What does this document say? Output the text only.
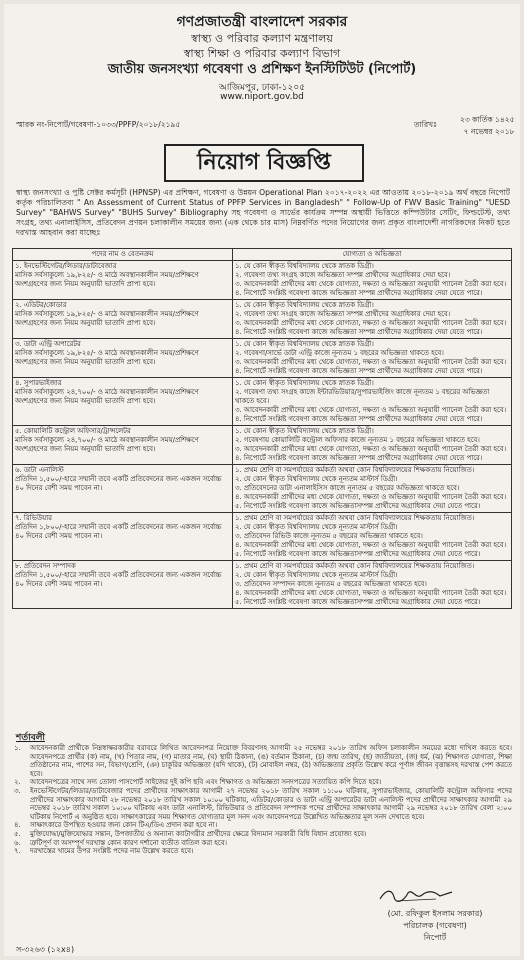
গণপ্রজাতন্ত্রী বাংলাদেশ সরকার
স্বাস্থ্য ও পরিবার কল্যাণ মন্ত্রণালয়
স্বাস্থ্য শিক্ষা ও পরিবার কল্যাণ বিভাগ
জাতীয় জনসংখ্যা গবেষণা ও প্রশিক্ষণ ইনস্টিটিউট (নিপোর্ট)
আজিমপুর, ঢাকা-১২০৫
www.niport.gov.bd
স্মারক নং-নিপোর্ট/গবেষণা-১০৩৩/PPFP/২০১৮/২১৯৫	তারিখঃ
২৩ কার্তিক ১৪২৫
৭ নভেম্বর ২০১৮
নিয়োগ বিজ্ঞপ্তি
স্বাস্থ্য জনসংখ্যা ও পুষ্টি সেক্টর কর্মসূচী (HPNSP) এর প্রশিক্ষণ, গবেষণা ও উন্নয়ন Operational Plan ২০১৭-২০২২ এর আওতায় ২০১৮-২০১৯ অর্থ বছরে নিপোর্ট কর্তৃক পরিচালিতব্য " An Assessment of Current Status of PPFP Services in Bangladesh" " Follow-Up of FWV Basic Training" "UESD Survey" "BAHWS Survey" "BUHS Survey" Bibliography সহ গবেষণা ও সার্ভের কার্যক্রম সম্পন্ন অস্থায়ী ভিত্তিতে কম্পিউটার সেটিং, ফিল্ডটেস্ট, তথ্য সংগ্রহ, তথ্য এনালাইসিস, প্রতিবেদন প্রণয়ন চলাকালীন সময়ের জন্য (এক থেকে চার মাস) নিম্নবর্ণিত পদের নিয়োগের জন্য প্রকৃত বাংলাদেশী নাগরিকদের নিকট হতে দরখাস্ত আহবান করা যাচ্ছেঃ
পদের নাম ও বেতনক্রম	যোগ্যতা ও অভিজ্ঞতা

১. ইনভেস্টিগেটর/লিডার/ডাটাবেজার
মাসিক সর্বসাকুল্যে ১৯,৮২৫/- ও মাঠে অবস্থানকালীন সময়/প্রশিক্ষণে অংশগ্রহণের জন্য নিয়ম অনুযায়ী ভাতাদি প্রাপ্য হবে।	১. যে কোন স্বীকৃত বিশ্ববিদ্যালয় থেকে স্নাতক ডিগ্রী।
২. গবেষণা তথ্য সংগ্রহ কাজে অভিজ্ঞতা সম্পন্ন প্রার্থীদের অগ্রাধিকার দেয়া হবে।
৩. আবেদনকারী প্রার্থীদের মধ্য থেকে যোগ্যতা, দক্ষতা ও অভিজ্ঞতা অনুযায়ী প্যানেল তৈরী করা হবে।
৪. নিপোর্টে সংশ্লিষ্ট গবেষণা কাজে অভিজ্ঞতা সম্পন্ন প্রার্থীদের অগ্রাধিকার দেয়া যেতে পারে।

২. এডিটর/কোডার
মাসিক সর্বসাকুল্যে ১৯,৮২৫/- ও মাঠে অবস্থানকালীন সময়/প্রশিক্ষণে অংশগ্রহণের জন্য নিয়ম অনুযায়ী ভাতাদি প্রাপ্য হবে।	১. যে কোন স্বীকৃত বিশ্ববিদ্যালয় থেকে স্নাতক ডিগ্রী।
২. গবেষণা তথ্য সংগ্রহ কাজে অভিজ্ঞতা সম্পন্ন প্রার্থীদের অগ্রাধিকার দেয়া হবে।
৩. আবেদনকারী প্রার্থীদের মধ্য থেকে যোগ্যতা, দক্ষতা ও অভিজ্ঞতা অনুযায়ী প্যানেল তৈরী করা হবে।
৪. নিপোর্টে সংশ্লিষ্ট গবেষণা কাজে অভিজ্ঞতা সম্পন্ন প্রার্থীদের অগ্রাধিকার দেয়া যেতে পারে।

৩. ডাটা এন্ট্রি অপারেটর
মাসিক সর্বসাকুল্যে ১৯,৮২৫/- ও মাঠে অবস্থানকালীন সময়/প্রশিক্ষণে অংশগ্রহণের জন্য নিয়ম অনুযায়ী ভাতাদি প্রাপ্য হবে।	১. যে কোন স্বীকৃত বিশ্ববিদ্যালয় থেকে স্নাতক ডিগ্রী।
২. গবেষণা/সার্ভে ডাটা এন্ট্রি কাজে নূন্যতম ১ বছরের অভিজ্ঞতা থাকতে হবে।
৩. আবেদনকারী প্রার্থীদের মধ্য থেকে যোগ্যতা, দক্ষতা ও অভিজ্ঞতা অনুযায়ী প্যানেল তৈরী করা হবে।
৪. নিপোর্টে সংশ্লিষ্ট গবেষণা কাজে অভিজ্ঞতা সম্পন্ন প্রার্থীদের অগ্রাধিকার দেয়া যেতে পারে।

৪. সুপারভাইজার
মাসিক সর্বসাকুল্যে ২৪,৭০০/- ও মাঠে অবস্থানকালীন সময়/প্রশিক্ষণে অংশগ্রহণের জন্য নিয়ম অনুযায়ী ভাতাদি প্রাপ্য হবে।	১. যে কোন স্বীকৃত বিশ্ববিদ্যালয় থেকে স্নাতক ডিগ্রী।
২. গবেষণা তথ্য সংগ্রহ কাজে ইন্টারভিউয়ার/সুপারভাইজিং কাজে নূন্যতম ১ বছরের অভিজ্ঞতা থাকতে হবে।
৩. আবেদনকারী প্রার্থীদের মধ্য থেকে যোগ্যতা, দক্ষতা ও অভিজ্ঞতা অনুযায়ী প্যানেল তৈরী করা হবে।
৪. নিপোর্টে সংশ্লিষ্ট গবেষণা কাজে অভিজ্ঞতা সম্পন্ন প্রার্থীদের অগ্রাধিকার দেয়া যেতে পারে।

৫. কোয়ালিটি কন্ট্রোল অফিসার/ট্রান্সলেটর
মাসিক সর্বসাকুল্যে ২৪,৭০০/- ও মাঠে অবস্থানকালীন সময়/প্রশিক্ষণে অংশগ্রহণের জন্য নিয়ম অনুযায়ী ভাতাদি প্রাপ্য হবে।	১. যে কোন স্বীকৃত বিশ্ববিদ্যালয় থেকে স্নাতক ডিগ্রী।
২. গবেষণায় কোয়ালিটি কন্ট্রোল অফিসার কাজে নূন্যতম ১ বছরের অভিজ্ঞতা থাকতে হবে।
৩. আবেদনকারী প্রার্থীদের মধ্য থেকে যোগ্যতা, দক্ষতা ও অভিজ্ঞতা অনুযায়ী প্যানেল তৈরী করা হবে।
৪. নিপোর্টে সংশ্লিষ্ট গবেষণা কাজে অভিজ্ঞতা সম্পন্ন প্রার্থীদের অগ্রাধিকার দেয়া যেতে পারে।

৬. ডাটা এনালিস্ট
প্রতিদিন ১,৫০০/-হারে সম্মানী তবে একটি প্রতিবেদনের জন্য একজন সর্বোচ্চ ৪০ দিনের বেশী সময় পাবেন না।	১. প্রথম শ্রেণি বা সমপর্যায়ের কর্মকর্তা অথবা কোন বিশ্ববিদ্যালয়ের শিক্ষকতায় নিয়োজিত।
২. যে কোন স্বীকৃত বিশ্ববিদ্যালয় থেকে নূন্যতম মাস্টার্স ডিগ্রী।
৩. প্রতিবেদনের ডাটা এনালাইসিস কাজে নূন্যতম ৫ বছরের অভিজ্ঞতা থাকতে হবে।
৪. আবেদনকারী প্রার্থীদের মধ্য থেকে যোগ্যতা, দক্ষতা ও অভিজ্ঞতা অনুযায়ী প্যানেল তৈরী করা হবে।
৫. নিপোর্টে সংশ্লিষ্ট গবেষণা কাজে অভিজ্ঞতাসম্পন্ন প্রার্থীদের অগ্রাধিকার দেয়া যেতে পারে।

৭. রিভিউয়ার
প্রতিদিন ১,৮০০/-হারে সম্মানী তবে একটি প্রতিবেদনের জন্য একজন সর্বোচ্চ ৪০ দিনের বেশী সময় পাবেন না।	১. প্রথম শ্রেণি বা সমপর্যায়ের কর্মকর্তা অথবা কোন বিশ্ববিদ্যালয়ের শিক্ষকতায় নিয়োজিত।
২. যে কোন স্বীকৃত বিশ্ববিদ্যালয় থেকে নূন্যতম মাস্টার্স ডিগ্রী।
৩. প্রতিবেদন রিভিউ কাজে নূন্যতম ৫ বছরের অভিজ্ঞতা থাকতে হবে।
৪. আবেদনকারী প্রার্থীদের মধ্য থেকে যোগ্যতা, দক্ষতা ও অভিজ্ঞতা অনুযায়ী প্যানেল তৈরী করা হবে।
৫. নিপোর্টে সংশ্লিষ্ট গবেষণা কাজে অভিজ্ঞতাসম্পন্ন প্রার্থীদের অগ্রাধিকার দেয়া যেতে পারে।

৮. প্রতিবেদন সম্পাদক
প্রতিদিন ১,৫০০/-হারে সম্মানী তবে একটি প্রতিবেদনের জন্য একজন সর্বোচ্চ ৪০ দিনের বেশী সময় পাবেন না।	১. প্রথম শ্রেণি বা সমপর্যায়ের কর্মকর্তা অথবা কোন বিশ্ববিদ্যালয়ের শিক্ষকতায় নিয়োজিত।
২. যে কোন স্বীকৃত বিশ্ববিদ্যালয় থেকে নূন্যতম মাস্টার্স ডিগ্রী।
৩. প্রতিবেদন সম্পাদন কাজে নূন্যতম ৫ বছরের অভিজ্ঞতা থাকতে হবে।
৪. আবেদনকারী প্রার্থীদের মধ্য থেকে যোগ্যতা, দক্ষতা ও অভিজ্ঞতা অনুযায়ী প্যানেল তৈরী করা হবে।
৫. নিপোর্টে সংশ্লিষ্ট গবেষণা কাজে অভিজ্ঞতাসম্পন্ন প্রার্থীদের অগ্রাধিকার দেয়া যেতে পারে।
শর্তাবলী
১.	আবেদনকারী প্রার্থীকে নিম্নস্বাক্ষরকারীর বরাবরে লিখিত আবেদনপত্র নিয়োক্ত বিবরণসহ আগামী ২৫ নভেম্বর ২০১৮ তারিখ অফিস চলাকালীন সময়ের মধ্যে দাখিল করতে হবে। আবেদনপত্রে প্রার্থীর (ক) নাম, (খ) পিতার নাম, (গ) মাতার নাম, (ঘ) স্থায়ী ঠিকানা, (ঙ) বর্তমান ঠিকানা, (চ) জন্ম তারিখ, (ছ) জাতীয়তা, (জ) ধর্ম, (ঝ) শিক্ষাগত যোগ্যতা, শিক্ষা প্রতিষ্ঠানের নাম, পাশের সন, বিভাগ/শ্রেণি, (ঞ) চাকুরির অভিজ্ঞতা (যদি থাকে), (ট) মোবাইল নম্বর, (ঠ) অভিজ্ঞতার প্রকৃতি উল্লেখ করে পূর্ণাঙ্গ জীবন বৃত্তান্তসহ দরখাস্ত পেশ করতে হবে।
২.	আবেদনপত্রের সাথে সদ্য তোলা পাসপোর্ট সাইজের দুই কপি ছবি এবং শিক্ষাগত ও অভিজ্ঞতা সনদপত্রের সত্যায়িত কপি দিতে হবে।
৩.	ইনভেস্টিগেটর/লিডার/ডাটাবেজার পদের প্রার্থীদের সাক্ষাৎকার আগামী ২৭ নভেম্বর ২০১৮ তারিখ সকাল ১১:০০ ঘটিকায়, সুপারভাইজার, কোয়ালিটি কন্ট্রোল অফিসার পদের প্রার্থীদের সাক্ষাৎকার আগামী ২৮ নভেম্বর ২০১৮ তারিখ সকাল ১০:০০ ঘটিকায়, এডিটর/কোডার ও ডাটা এন্ট্রি অপারেটর ডাটা এনালিস্ট পদের প্রার্থীদের সাক্ষাৎকার আগামী ২৯ নভেম্বর ২০১৮ তারিখ সকাল ১০:০০ ঘটিকায় এবং ডাটা এনালিস্ট, রিভিউয়ার ও প্রতিবেদন সম্পাদক পদের প্রার্থীদের সাক্ষাৎকার আগামী ২৯ নভেম্বর ২০১৮ তারিখ বেলা ২:০০ ঘটিকায় নিপোর্ট এ অনুষ্ঠিত হবে। সাক্ষাৎকারের সময় শিক্ষাগত যোগ্যতার মূল সনদ এবং আবেদনপত্রে উল্লেখিত অভিজ্ঞতার মূল সনদ দেখাতে হবে।
৪.	সাক্ষাৎকারে উপস্থিত হওয়ার জন্য কোন টিএ/ডিএ প্রদান করা হবে না।
৫.	মুক্তিযোদ্ধা/মুক্তিযোদ্ধার সন্তান, উপজাতীয় ও অন্যান্য ক্যাটাগরীর প্রার্থীদের ক্ষেত্রে বিদ্যমান সরকারী বিধি বিধান প্রযোজ্য হবে।
৬.	ত্রুটিপূর্ণ বা অসম্পূর্ণ দরখাস্ত কোন কারণ দর্শানো ব্যতীত বাতিল করা হবে।
৭.	দরখাস্তের খামের উপর সংশ্লিষ্ট পদের নাম উল্লেখ করতে হবে।
(মো. রফিকুল ইসলাম সরকার)
পরিচালক (গবেষণা)
নিপোর্ট
স-৩২৬৩ (১২x৪)
